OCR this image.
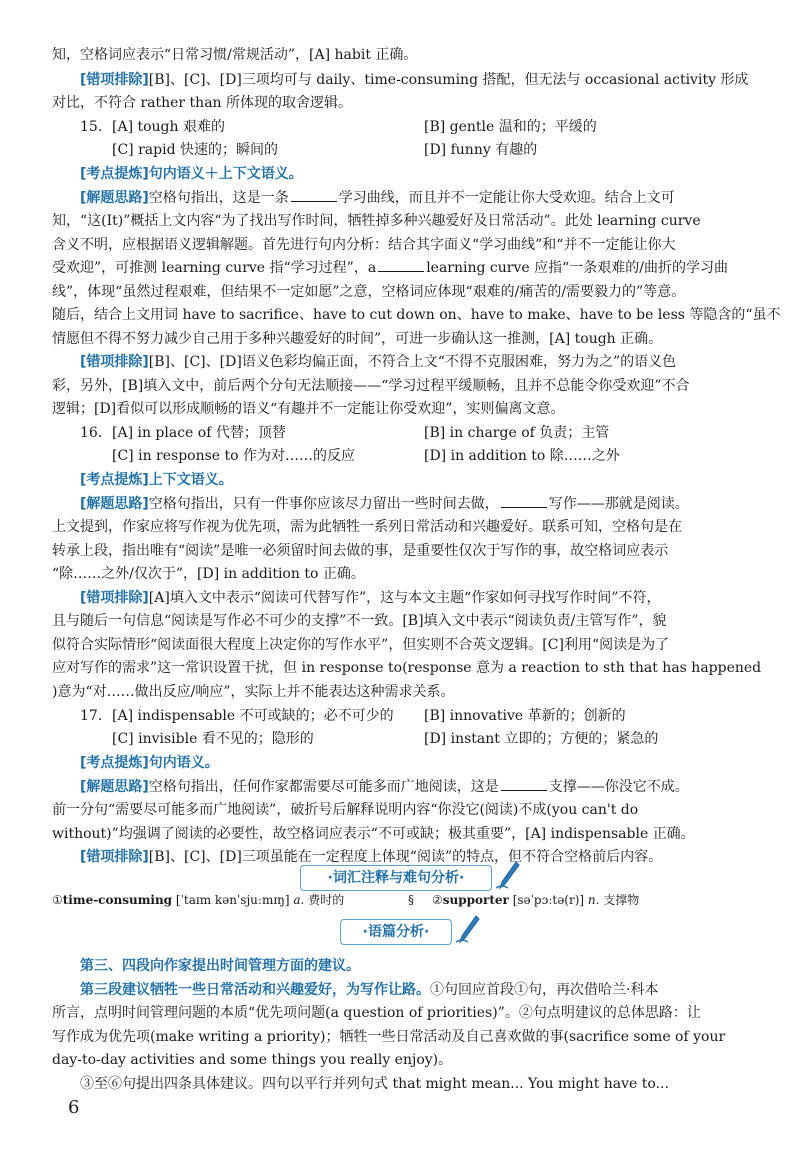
知，空格词应表示“日常习惯/常规活动”，[A] habit 正确。
[错项排除][B]、[C]、[D]三项均可与 daily、time-consuming 搭配，但无法与 occasional activity 形成
对比，不符合 rather than 所体现的取舍逻辑。
15. [A] tough 艰难的	[B] gentle 温和的；平缓的
[C] rapid 快速的；瞬间的	[D] funny 有趣的
[考点提炼]句内语义＋上下文语义。
[解题思路]空格句指出，这是一条	学习曲线，而且并不一定能让你大受欢迎。结合上文可
知，“这(It)”概括上文内容“为了找出写作时间，牺牲掉多种兴趣爱好及日常活动”。此处 learning curve
含义不明，应根据语义逻辑解题。首先进行句内分析：结合其字面义“学习曲线”和“并不一定能让你大
受欢迎”，可推测 learning curve 指“学习过程”，a	learning curve 应指“一条艰难的/曲折的学习曲
线”，体现“虽然过程艰难，但结果不一定如愿”之意，空格词应体现“艰难的/痛苦的/需要毅力的”等意。
随后，结合上文用词 have to sacrifice、have to cut down on、have to make、have to be less 等隐含的“虽不
情愿但不得不努力减少自己用于多种兴趣爱好的时间”，可进一步确认这一推测，[A] tough 正确。
[错项排除][B]、[C]、[D]语义色彩均偏正面，不符合上文“不得不克服困难，努力为之”的语义色
彩，另外，[B]填入文中，前后两个分句无法顺接——“学习过程平缓顺畅，且并不总能令你受欢迎”不合
逻辑；[D]看似可以形成顺畅的语义“有趣并不一定能让你受欢迎”，实则偏离文意。
16. [A] in place of 代替；顶替	[B] in charge of 负责；主管
[C] in response to 作为对……的反应	[D] in addition to 除……之外
[考点提炼]上下文语义。
[解题思路]空格句指出，只有一件事你应该尽力留出一些时间去做，	写作——那就是阅读。
上文提到，作家应将写作视为优先项，需为此牺牲一系列日常活动和兴趣爱好。联系可知，空格句是在
转承上段，指出唯有“阅读”是唯一必须留时间去做的事，是重要性仅次于写作的事，故空格词应表示
“除……之外/仅次于”，[D] in addition to 正确。
[错项排除][A]填入文中表示“阅读可代替写作”，这与本文主题“作家如何寻找写作时间”不符，
且与随后一句信息“阅读是写作必不可少的支撑”不一致。[B]填入文中表示“阅读负责/主管写作”，貌
似符合实际情形“阅读面很大程度上决定你的写作水平”，但实则不合英文逻辑。[C]利用“阅读是为了
应对写作的需求”这一常识设置干扰，但 in response to(response 意为 a reaction to sth that has happened
)意为“对……做出反应/响应”，实际上并不能表达这种需求关系。
17. [A] indispensable 不可或缺的；必不可少的 [B] innovative 革新的；创新的
[C] invisible 看不见的；隐形的	[D] instant 立即的；方便的；紧急的
[考点提炼]句内语义。
[解题思路]空格句指出，任何作家都需要尽可能多而广地阅读，这是	支撑——你没它不成。
前一分句“需要尽可能多而广地阅读”，破折号后解释说明内容“你没它(阅读)不成(you can't do
without)”均强调了阅读的必要性，故空格词应表示“不可或缺；极其重要”，[A] indispensable 正确。
[错项排除][B]、[C]、[D]三项虽能在一定程度上体现“阅读”的特点，但不符合空格前后内容。
·词汇注释与难句分析·
①time-consuming [ˈtaɪm kənˈsjuːmɪŋ] a. 费时的	§ ②supporter [səˈpɔːtə(r)] n. 支撑物
·语篇分析·
第三、四段向作家提出时间管理方面的建议。
第三段建议牺牲一些日常活动和兴趣爱好，为写作让路。①句回应首段①句，再次借哈兰·科本
所言，点明时间管理问题的本质“优先项问题(a question of priorities)”。②句点明建议的总体思路：让
写作成为优先项(make writing a priority)；牺牲一些日常活动及自己喜欢做的事(sacrifice some of your
day-to-day activities and some things you really enjoy)。
③至⑥句提出四条具体建议。四句以平行并列句式 that might mean... You might have to...
6
